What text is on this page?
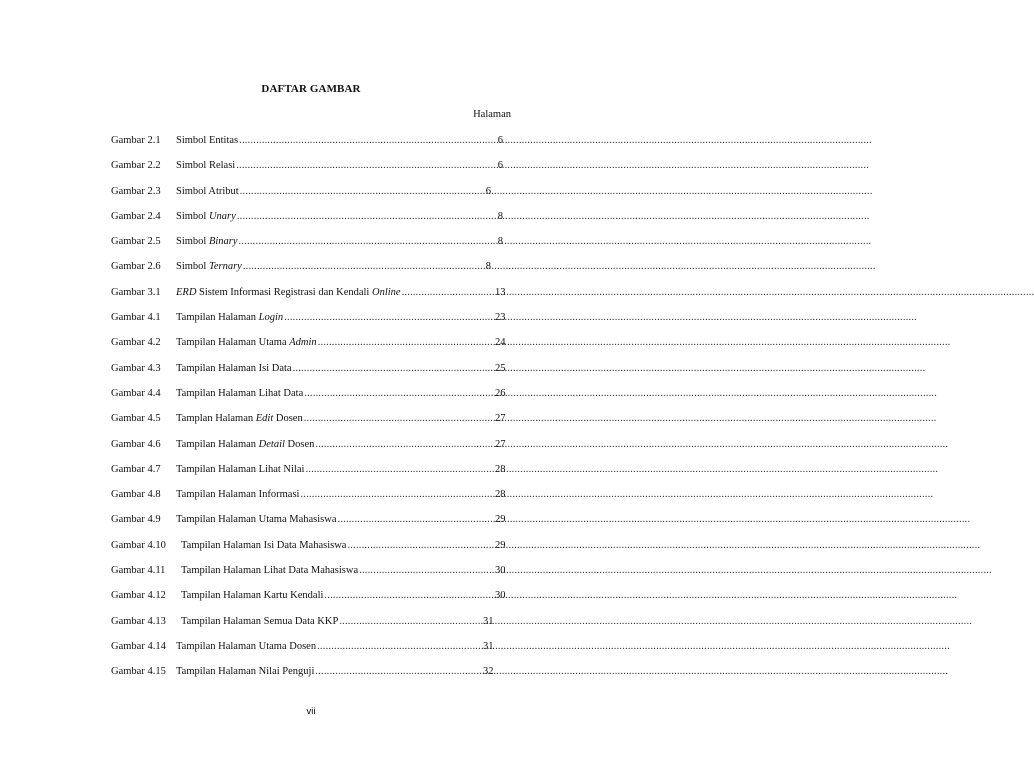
DAFTAR GAMBAR
Halaman
Gambar 2.1 Simbol Entitas .....	6
Gambar 2.2 Simbol Relasi .....	6
Gambar 2.3 Simbol Atribut .....	6
Gambar 2.4 Simbol Unary .....	8
Gambar 2.5 Simbol Binary .....	8
Gambar 2.6 Simbol Ternary .....	8
Gambar 3.1 ERD Sistem Informasi Registrasi dan Kendali Online .....	13
Gambar 4.1 Tampilan Halaman Login .....	23
Gambar 4.2 Tampilan Halaman Utama Admin .....	24
Gambar 4.3 Tampilan Halaman Isi Data .....	25
Gambar 4.4 Tampilan Halaman Lihat Data .....	26
Gambar 4.5 Tamplan Halaman Edit Dosen .....	27
Gambar 4.6 Tampilan Halaman Detail Dosen .....	27
Gambar 4.7 Tampilan Halaman Lihat Nilai .....	28
Gambar 4.8 Tampilan Halaman Informasi .....	28
Gambar 4.9 Tampilan Halaman Utama Mahasiswa .....	29
Gambar 4.10 Tampilan Halaman Isi Data Mahasiswa .....	29
Gambar 4.11 Tampilan Halaman Lihat Data Mahasiswa .....	30
Gambar 4.12 Tampilan Halaman Kartu Kendali .....	30
Gambar 4.13 Tampilan Halaman Semua Data KKP .....	31
Gambar 4.14 Tampilan Halaman Utama Dosen .....	31
Gambar 4.15 Tampilan Halaman Nilai Penguji .....	32
vii
